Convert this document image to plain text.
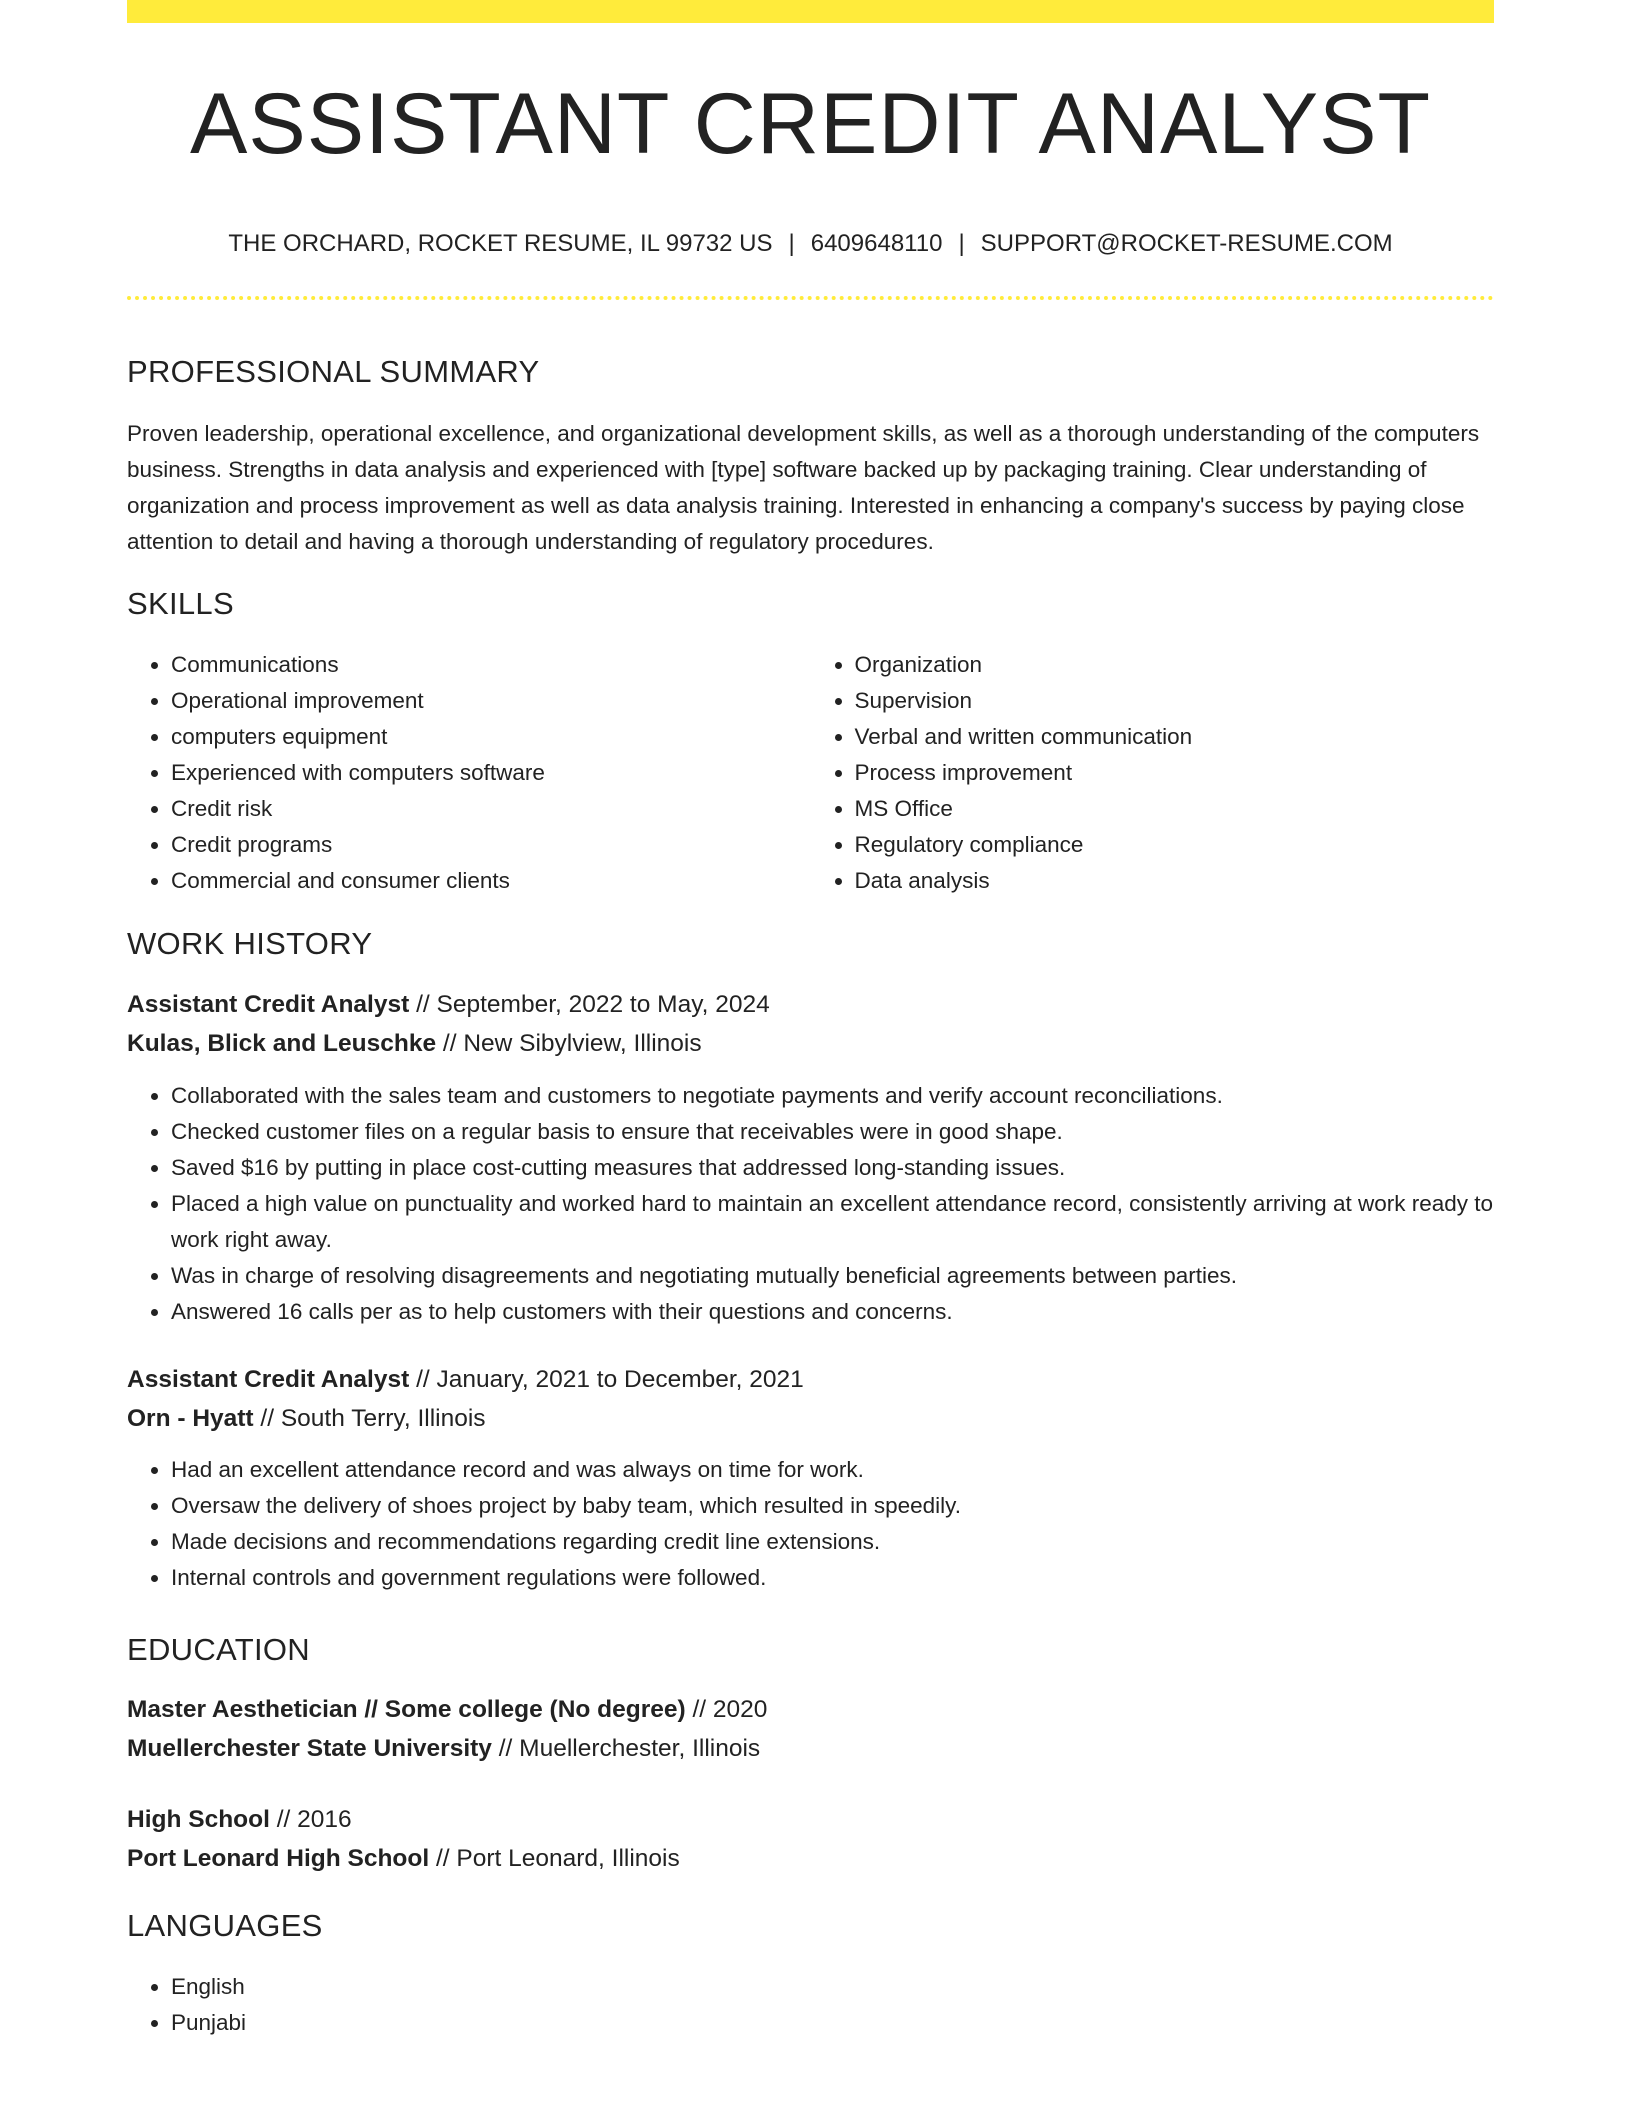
ASSISTANT CREDIT ANALYST
THE ORCHARD, ROCKET RESUME, IL 99732 US | 6409648110 | SUPPORT@ROCKET-RESUME.COM
PROFESSIONAL SUMMARY

Proven leadership, operational excellence, and organizational development skills, as well as a thorough understanding of the computers business. Strengths in data analysis and experienced with [type] software backed up by packaging training. Clear understanding of organization and process improvement as well as data analysis training. Interested in enhancing a company's success by paying close attention to detail and having a thorough understanding of regulatory procedures.

SKILLS
• Communications
• Operational improvement
• computers equipment
• Experienced with computers software
• Credit risk
• Credit programs
• Commercial and consumer clients
• Organization
• Supervision
• Verbal and written communication
• Process improvement
• MS Office
• Regulatory compliance
• Data analysis
WORK HISTORY

Assistant Credit Analyst // September, 2022 to May, 2024

Kulas, Blick and Leuschke // New Sibylview, Illinois

• Collaborated with the sales team and customers to negotiate payments and verify account reconciliations.
• Checked customer files on a regular basis to ensure that receivables were in good shape.
• Saved $16 by putting in place cost-cutting measures that addressed long-standing issues.
• Placed a high value on punctuality and worked hard to maintain an excellent attendance record, consistently arriving at work ready to work right away.
• Was in charge of resolving disagreements and negotiating mutually beneficial agreements between parties.
• Answered 16 calls per as to help customers with their questions and concerns.

Assistant Credit Analyst // January, 2021 to December, 2021

Orn - Hyatt // South Terry, Illinois

• Had an excellent attendance record and was always on time for work.
• Oversaw the delivery of shoes project by baby team, which resulted in speedily.
• Made decisions and recommendations regarding credit line extensions.
• Internal controls and government regulations were followed.
EDUCATION

Master Aesthetician // Some college (No degree) // 2020

Muellerchester State University // Muellerchester, Illinois

High School // 2016

Port Leonard High School // Port Leonard, Illinois

LANGUAGES
• English
• Punjabi
